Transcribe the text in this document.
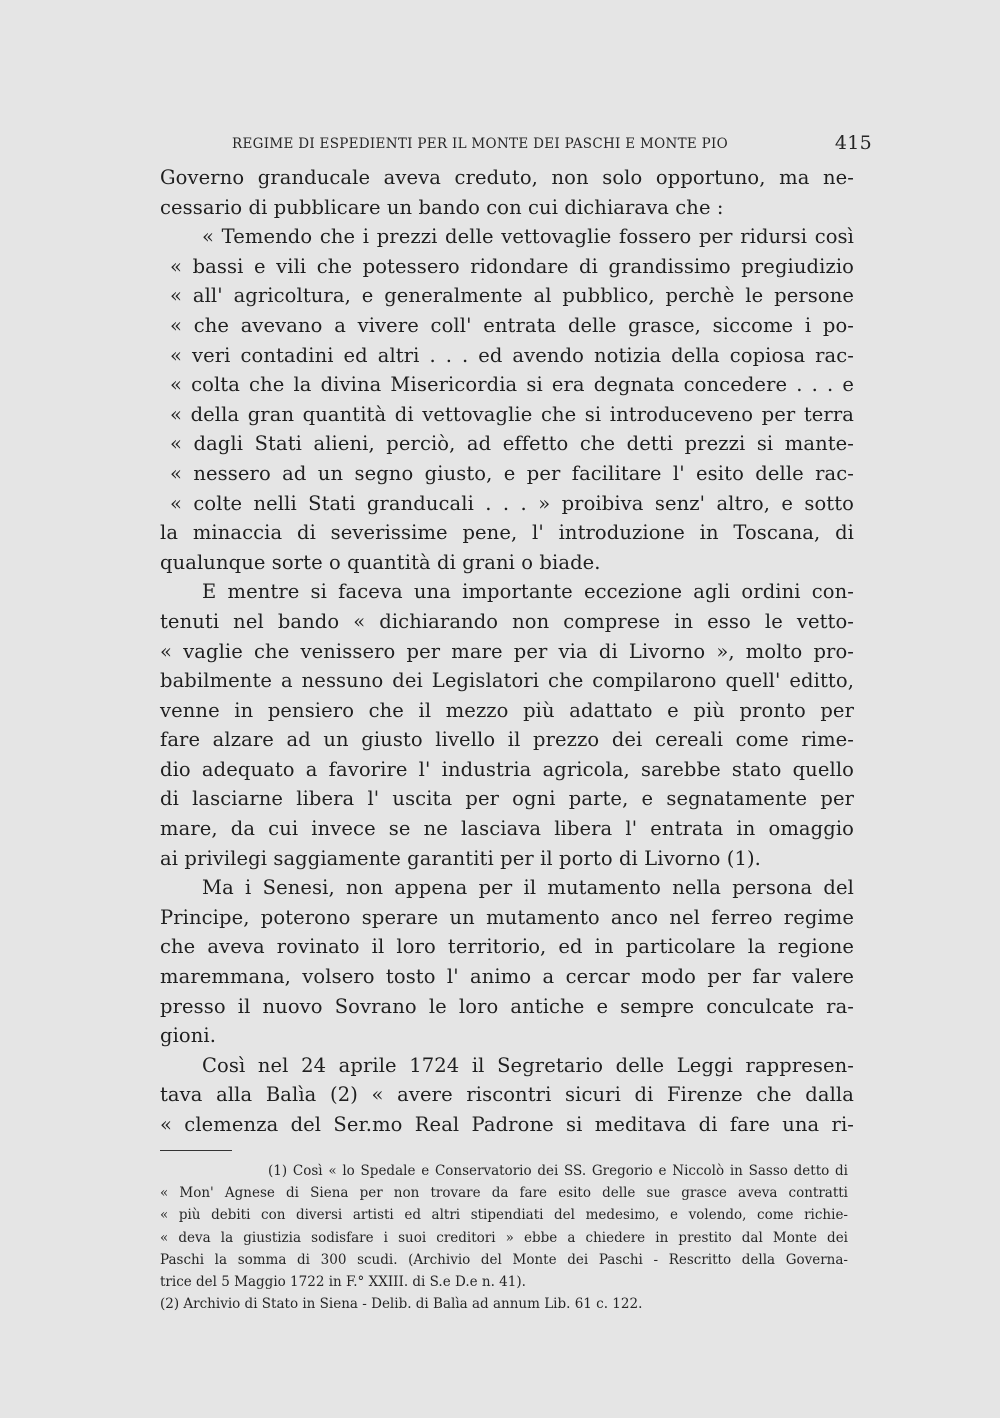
REGIME DI ESPEDIENTI PER IL MONTE DEI PASCHI E MONTE PIO	415
Governo granducale aveva creduto, non solo opportuno, ma ne-
cessario di pubblicare un bando con cui dichiarava che :
« Temendo che i prezzi delle vettovaglie fossero per ridursi così
« bassi e vili che potessero ridondare di grandissimo pregiudizio
« all' agricoltura, e generalmente al pubblico, perchè le persone
« che avevano a vivere coll' entrata delle grasce, siccome i po-
« veri contadini ed altri . . . ed avendo notizia della copiosa rac-
« colta che la divina Misericordia si era degnata concedere . . . e
« della gran quantità di vettovaglie che si introduceveno per terra
« dagli Stati alieni, perciò, ad effetto che detti prezzi si mante-
« nessero ad un segno giusto, e per facilitare l' esito delle rac-
« colte nelli Stati granducali . . . » proibiva senz' altro, e sotto
la minaccia di severissime pene, l' introduzione in Toscana, di
qualunque sorte o quantità di grani o biade.
E mentre si faceva una importante eccezione agli ordini con-
tenuti nel bando « dichiarando non comprese in esso le vetto-
« vaglie che venissero per mare per via di Livorno », molto pro-
babilmente a nessuno dei Legislatori che compilarono quell' editto,
venne in pensiero che il mezzo più adattato e più pronto per
fare alzare ad un giusto livello il prezzo dei cereali come rime-
dio adequato a favorire l' industria agricola, sarebbe stato quello
di lasciarne libera l' uscita per ogni parte, e segnatamente per
mare, da cui invece se ne lasciava libera l' entrata in omaggio
ai privilegi saggiamente garantiti per il porto di Livorno (1).
Ma i Senesi, non appena per il mutamento nella persona del
Principe, poterono sperare un mutamento anco nel ferreo regime
che aveva rovinato il loro territorio, ed in particolare la regione
maremmana, volsero tosto l' animo a cercar modo per far valere
presso il nuovo Sovrano le loro antiche e sempre conculcate ra-
gioni.
Così nel 24 aprile 1724 il Segretario delle Leggi rappresen-
tava alla Balìa (2) « avere riscontri sicuri di Firenze che dalla
« clemenza del Ser.mo Real Padrone si meditava di fare una ri-
(1) Così « lo Spedale e Conservatorio dei SS. Gregorio e Niccolò in Sasso detto di
« Mon' Agnese di Siena per non trovare da fare esito delle sue grasce aveva contratti
« più debiti con diversi artisti ed altri stipendiati del medesimo, e volendo, come richie-
« deva la giustizia sodisfare i suoi creditori » ebbe a chiedere in prestito dal Monte dei
Paschi la somma di 300 scudi. (Archivio del Monte dei Paschi - Rescritto della Governa-
trice del 5 Maggio 1722 in F.° XXIII. di S.e D.e n. 41).
(2) Archivio di Stato in Siena - Delib. di Balìa ad annum Lib. 61 c. 122.
